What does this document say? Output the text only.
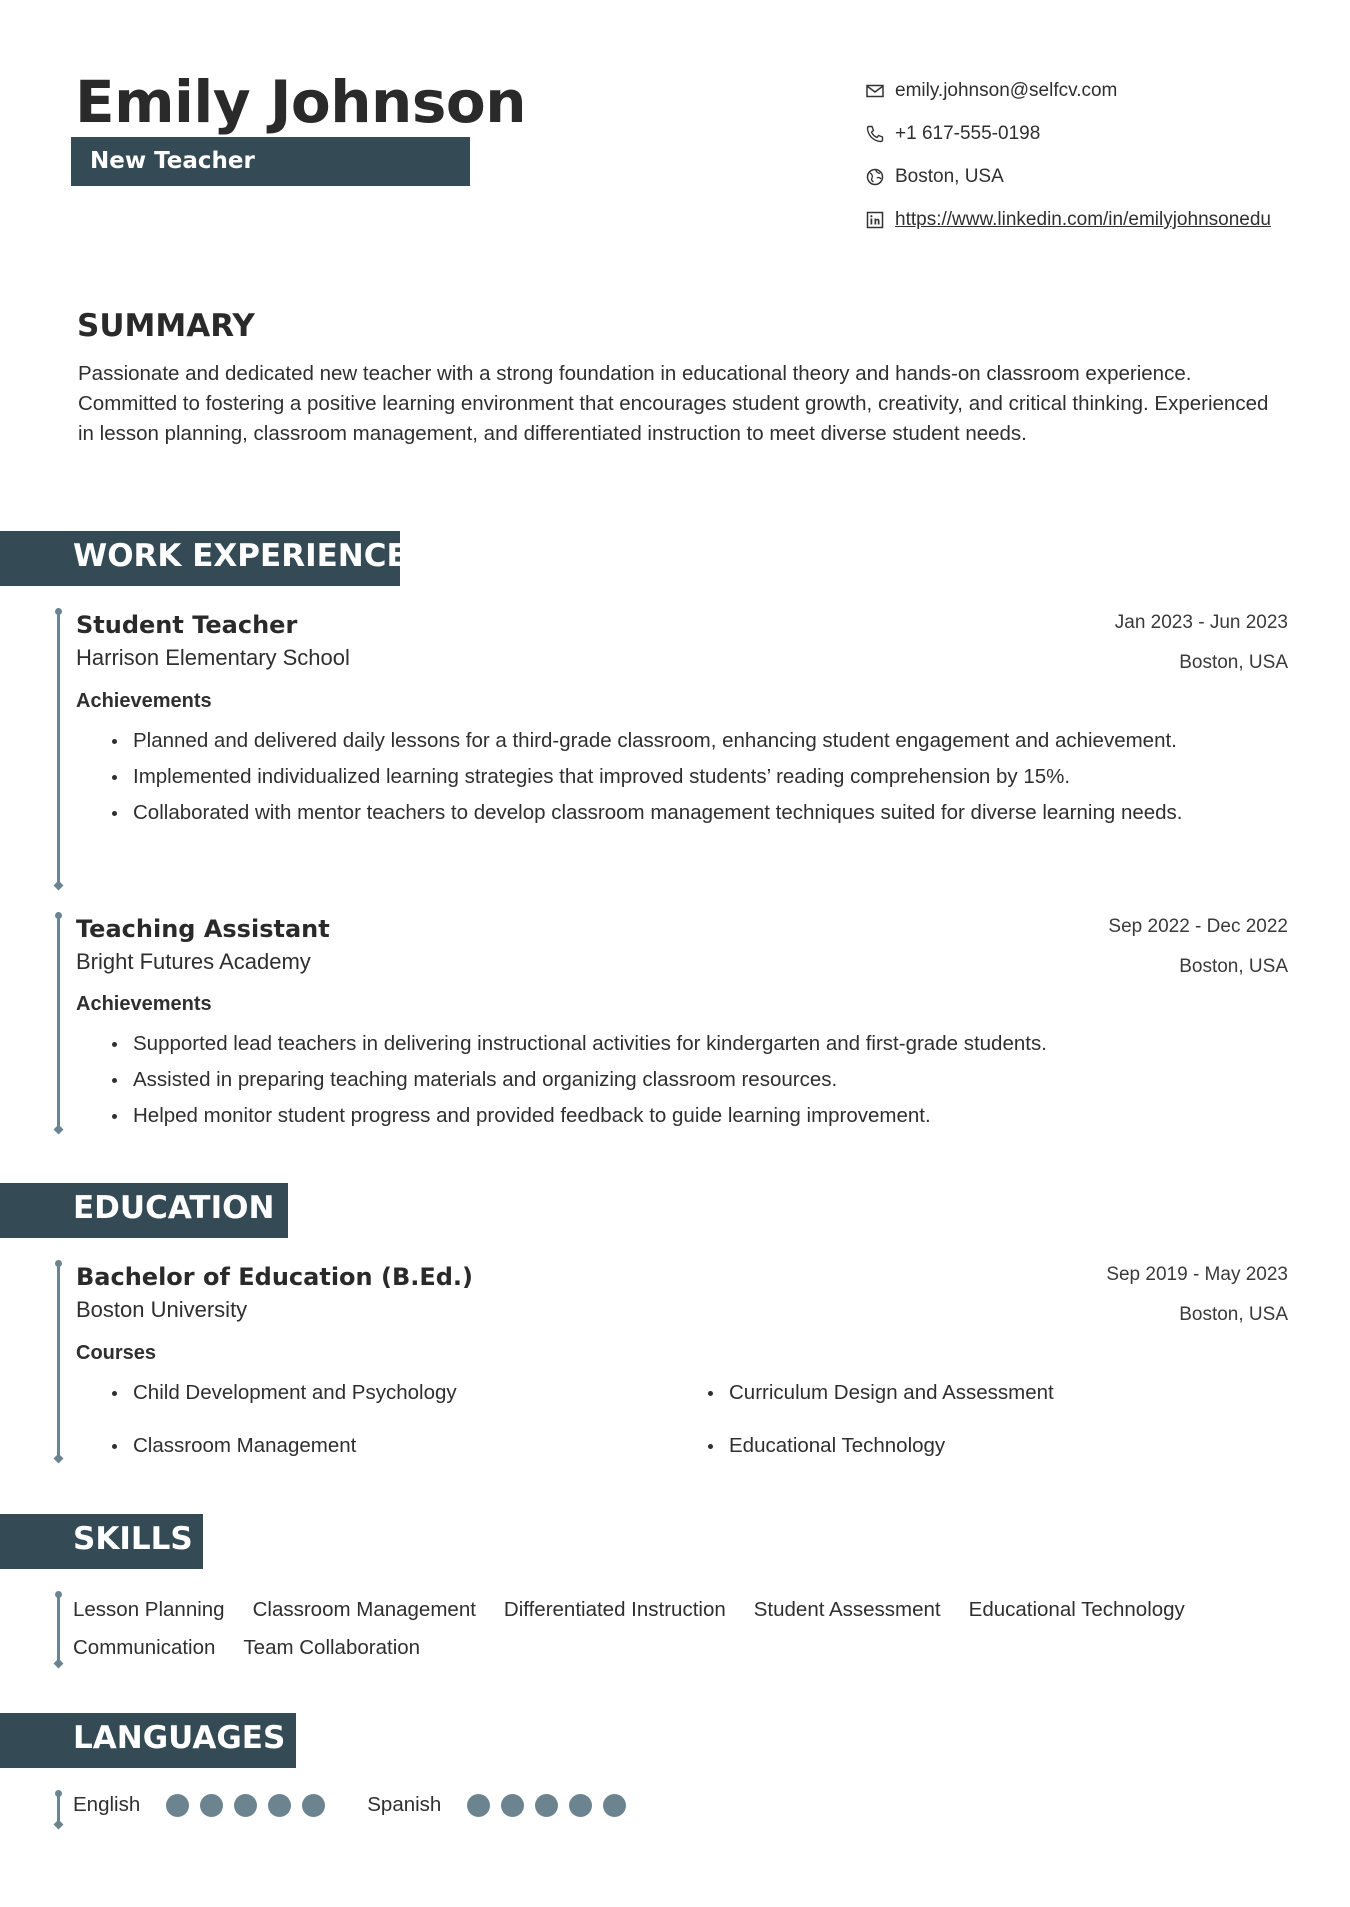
Emily Johnson
New Teacher
emily.johnson@selfcv.com
+1 617-555-0198
Boston, USA
https://www.linkedin.com/in/emilyjohnsonedu
SUMMARY
Passionate and dedicated new teacher with a strong foundation in educational theory and hands-on classroom experience. Committed to fostering a positive learning environment that encourages student growth, creativity, and critical thinking. Experienced in lesson planning, classroom management, and differentiated instruction to meet diverse student needs.
WORK EXPERIENCE
Student Teacher	Jan 2023 - Jun 2023
Harrison Elementary School	Boston, USA
Achievements
Planned and delivered daily lessons for a third-grade classroom, enhancing student engagement and achievement.
Implemented individualized learning strategies that improved students’ reading comprehension by 15%.
Collaborated with mentor teachers to develop classroom management techniques suited for diverse learning needs.
Teaching Assistant	Sep 2022 - Dec 2022
Bright Futures Academy	Boston, USA
Achievements
Supported lead teachers in delivering instructional activities for kindergarten and first-grade students.
Assisted in preparing teaching materials and organizing classroom resources.
Helped monitor student progress and provided feedback to guide learning improvement.
EDUCATION
Bachelor of Education (B.Ed.)	Sep 2019 - May 2023
Boston University	Boston, USA
Courses
Child Development and Psychology	Curriculum Design and Assessment
Classroom Management	Educational Technology
SKILLS
Lesson Planning Classroom Management Differentiated Instruction Student Assessment Educational Technology
Communication Team Collaboration
LANGUAGES
English	Spanish
